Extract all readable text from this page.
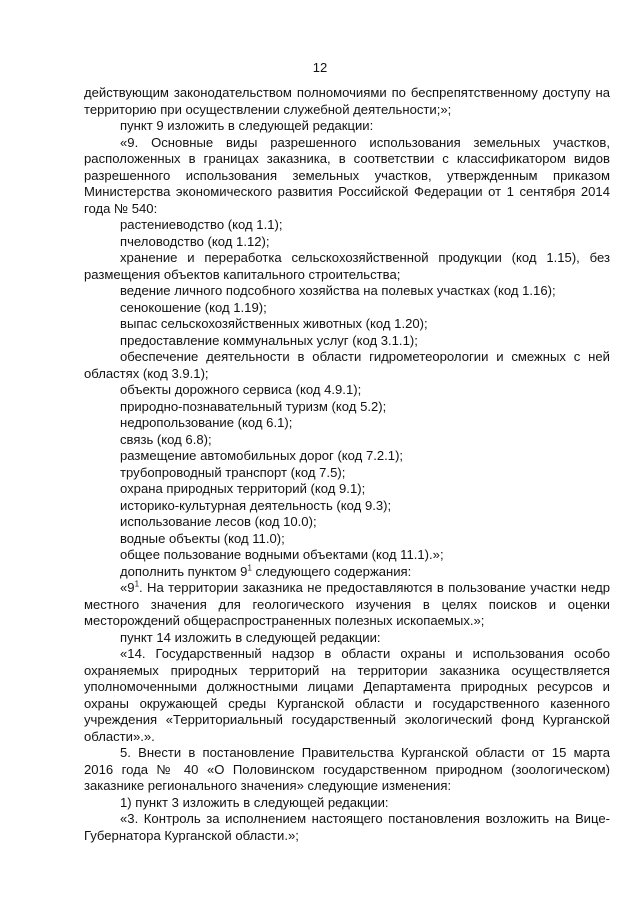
12

действующим законодательством полномочиями по беспрепятственному доступу на территорию при осуществлении служебной деятельности;»;

пункт 9 изложить в следующей редакции:

«9. Основные виды разрешенного использования земельных участков, расположенных в границах заказника, в соответствии с классификатором видов разрешенного использования земельных участков, утвержденным приказом Министерства экономического развития Российской Федерации от 1 сентября 2014 года № 540:

растениеводство (код 1.1);

пчеловодство (код 1.12);

хранение и переработка сельскохозяйственной продукции (код 1.15), без размещения объектов капитального строительства;

ведение личного подсобного хозяйства на полевых участках (код 1.16);

сенокошение (код 1.19);

выпас сельскохозяйственных животных (код 1.20);

предоставление коммунальных услуг (код 3.1.1);

обеспечение деятельности в области гидрометеорологии и смежных с ней областях (код 3.9.1);

объекты дорожного сервиса (код 4.9.1);

природно-познавательный туризм (код 5.2);

недропользование (код 6.1);

связь (код 6.8);

размещение автомобильных дорог (код 7.2.1);

трубопроводный транспорт (код 7.5);

охрана природных территорий (код 9.1);

историко-культурная деятельность (код 9.3);

использование лесов (код 10.0);

водные объекты (код 11.0);

общее пользование водными объектами (код 11.1).»;

дополнить пунктом $9^1$ следующего содержания:

«$9^1$. На территории заказника не предоставляются в пользование участки недр местного значения для геологического изучения в целях поисков и оценки месторождений общераспространенных полезных ископаемых.»;

пункт 14 изложить в следующей редакции:

«14. Государственный надзор в области охраны и использования особо охраняемых природных территорий на территории заказника осуществляется уполномоченными должностными лицами Департамента природных ресурсов и охраны окружающей среды Курганской области и государственного казенного учреждения «Территориальный государственный экологический фонд Курганской области».».

5. Внести в постановление Правительства Курганской области от 15 марта 2016 года № 40 «О Половинском государственном природном (зоологическом) заказнике регионального значения» следующие изменения:

1) пункт 3 изложить в следующей редакции:

«3. Контроль за исполнением настоящего постановления возложить на Вице-Губернатора Курганской области.»;
